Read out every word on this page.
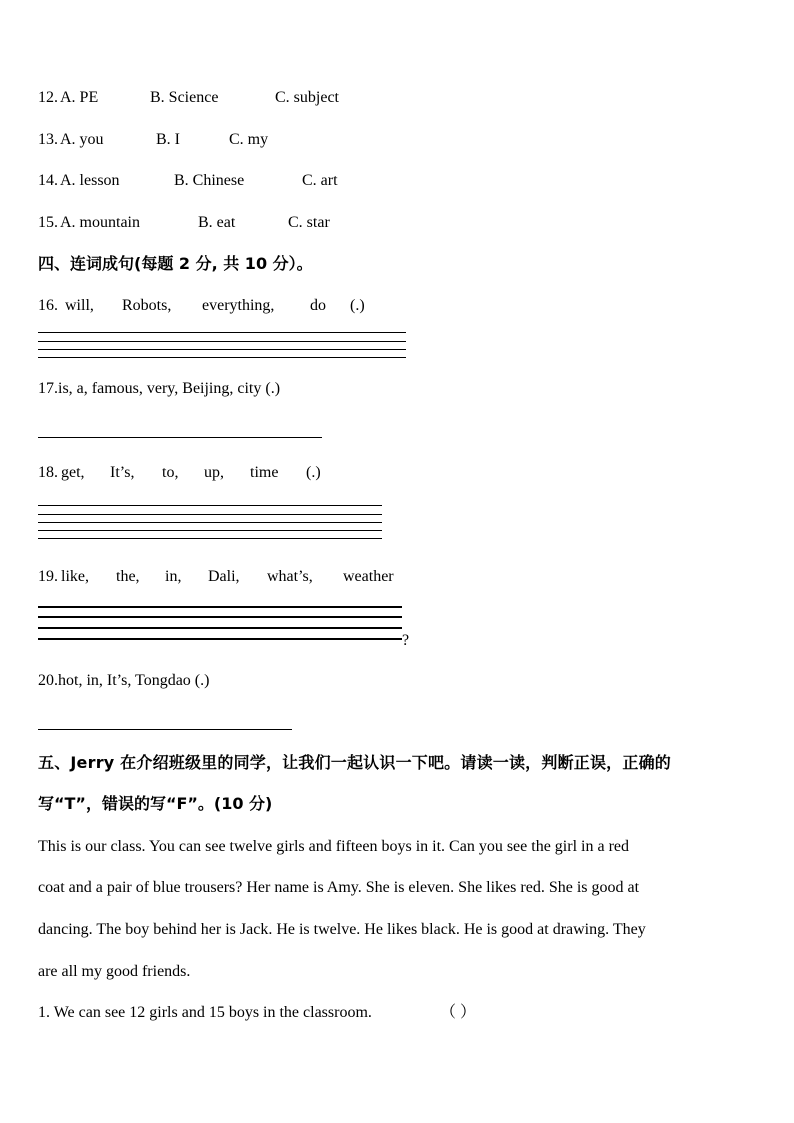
12. A. PE	B. Science	C. subject
13. A. you	B. I	C. my
14. A. lesson	B. Chinese	C. art
15. A. mountain	B. eat	C. star
四、连词成句(每题 2 分, 共 10 分）。
16. will, Robots, everything, do (.)
17.is, a, famous, very, Beijing, city (.)
18. get, It’s, to, up, time (.)
19. like, the, in, Dali, what’s, weather
?
20.hot, in, It’s, Tongdao (.)
五、Jerry 在介绍班级里的同学，让我们一起认识一下吧。请读一读，判断正误，正确的
写“T”，错误的写“F”。(10 分)
This is our class. You can see twelve girls and fifteen boys in it. Can you see the girl in a red
coat and a pair of blue trousers? Her name is Amy. She is eleven. She likes red. She is good at
dancing. The boy behind her is Jack. He is twelve. He likes black. He is good at drawing. They
are all my good friends.
1. We can see 12 girls and 15 boys in the classroom.	（ ）
